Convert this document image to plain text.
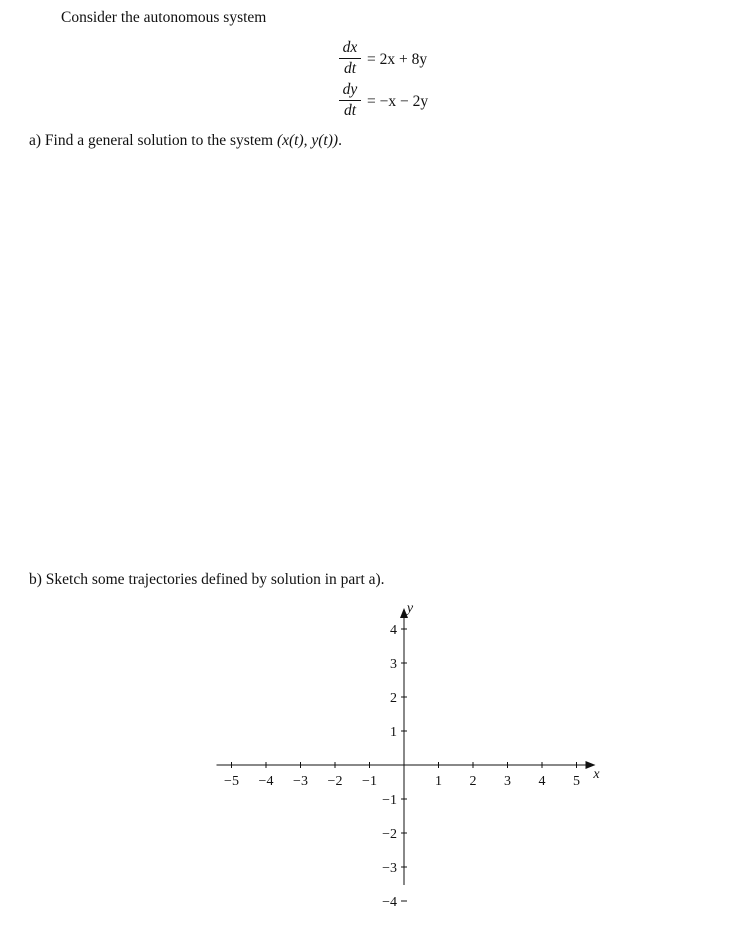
Consider the autonomous system
dx
dt
= 2x + 8y
dy
dt
= −x − 2y
a) Find a general solution to the system (x(t), y(t)).
b) Sketch some trajectories defined by solution in part a).
−5 −4 −3 −2 −1	1 2 3 4 5
4
3
2
1
−1
−2
−3
−4
x
y
